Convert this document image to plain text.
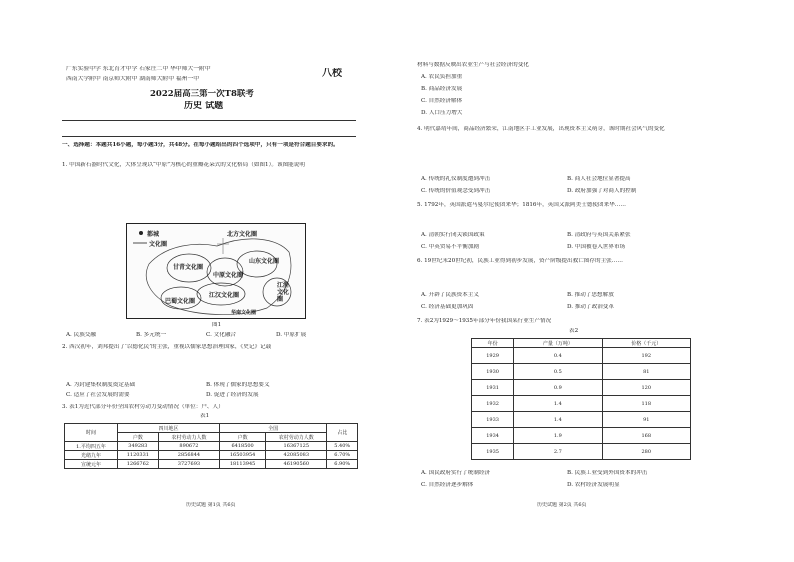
广东实验中学 东北育才中学 石家庄二中 华中师大一附中
西南大学附中 南京师大附中 湖南师大附中 福州一中	八校
2022届高三第一次T8联考
历史 试题
一、选择题：本题共16小题，每小题3分，共48分。在每小题给出的四个选项中，只有一项是符合题目要求的。
1. 中国新石器时代文化，大体呈现以“中原”为核心的重瓣花朵式的文化格局（如图1）。该图能说明
都城
文化圈
北方文化圈
甘青文化圈
中原文化圈
山东文化圈
江汉文化圈
巴蜀文化圈
江浙文化圈
华南文化圈
图1
A. 民族交融	B. 多元统一	C. 文化融合	D. 中原扩展
2. 西汉初年，刘邦提出了‘以德化民’的主张，重视以儒家思想治理国家，《史记》记载
A. 为封建集权制度奠定基础	B. 体现了儒家的思想要义
C. 适应了社会发展的需要	D. 促进了经济的发展
3. 表1为近代部分年份全国农村劳动力变动情况（单位：户、人）
表1
时间	四川地区		全国		占比
	户数	农村劳动力人数	户数	农村劳动力人数	
1.平均四五年	349283	890672	6418500	16367125	5.40%
光绪九年	1120331	2856844	16503954	42085083	6.70%
宣统元年	1266762	3727693	18113945	46190560	6.90%
历史试题 第1页 共6页
材料与数据反映出农业生产与社会经济的变化
A. 农民负担加重
B. 商品经济发展
C. 自然经济解体
D. 人口压力增大
4. 明代嘉靖年间，商品经济繁荣，江南地区手工业发展，出现资本主义萌芽，该时期社会风气的变化
A. 传统的礼仪制度遭到冲击	B. 商人社会地位显著提高
C. 传统的价值观念受到冲击	D. 政府加强了对商人的控制
5. 1792年，英国派遣马戛尔尼使团来华；1816年，英国又派阿美士德使团来华……
A. 清朝实行闭关锁国政策	B. 清政府与英国关系紧张
C. 中英贸易不平衡加剧	D. 中国被卷入世界市场
6. 19世纪末20世纪初，民族工业得到初步发展，资产阶级提出救亡图存的主张……
A. 开辟了民族资本主义	B. 推动了思想解放
C. 经济基础更加巩固	D. 推动了政治变革
7. 表2为1929～1935年部分年份我国某行业生产情况
表2
年份	产量（万吨）	价格（千元）
1929	0.4	192
1930	0.5	81
1931	0.9	120
1932	1.4	118
1933	1.4	91
1934	1.9	168
1935	2.7	280
A. 国民政府实行了统制经济	B. 民族工业受到外国资本的冲击
C. 自然经济逐步解体	D. 农村经济发展明显
历史试题 第2页 共6页
